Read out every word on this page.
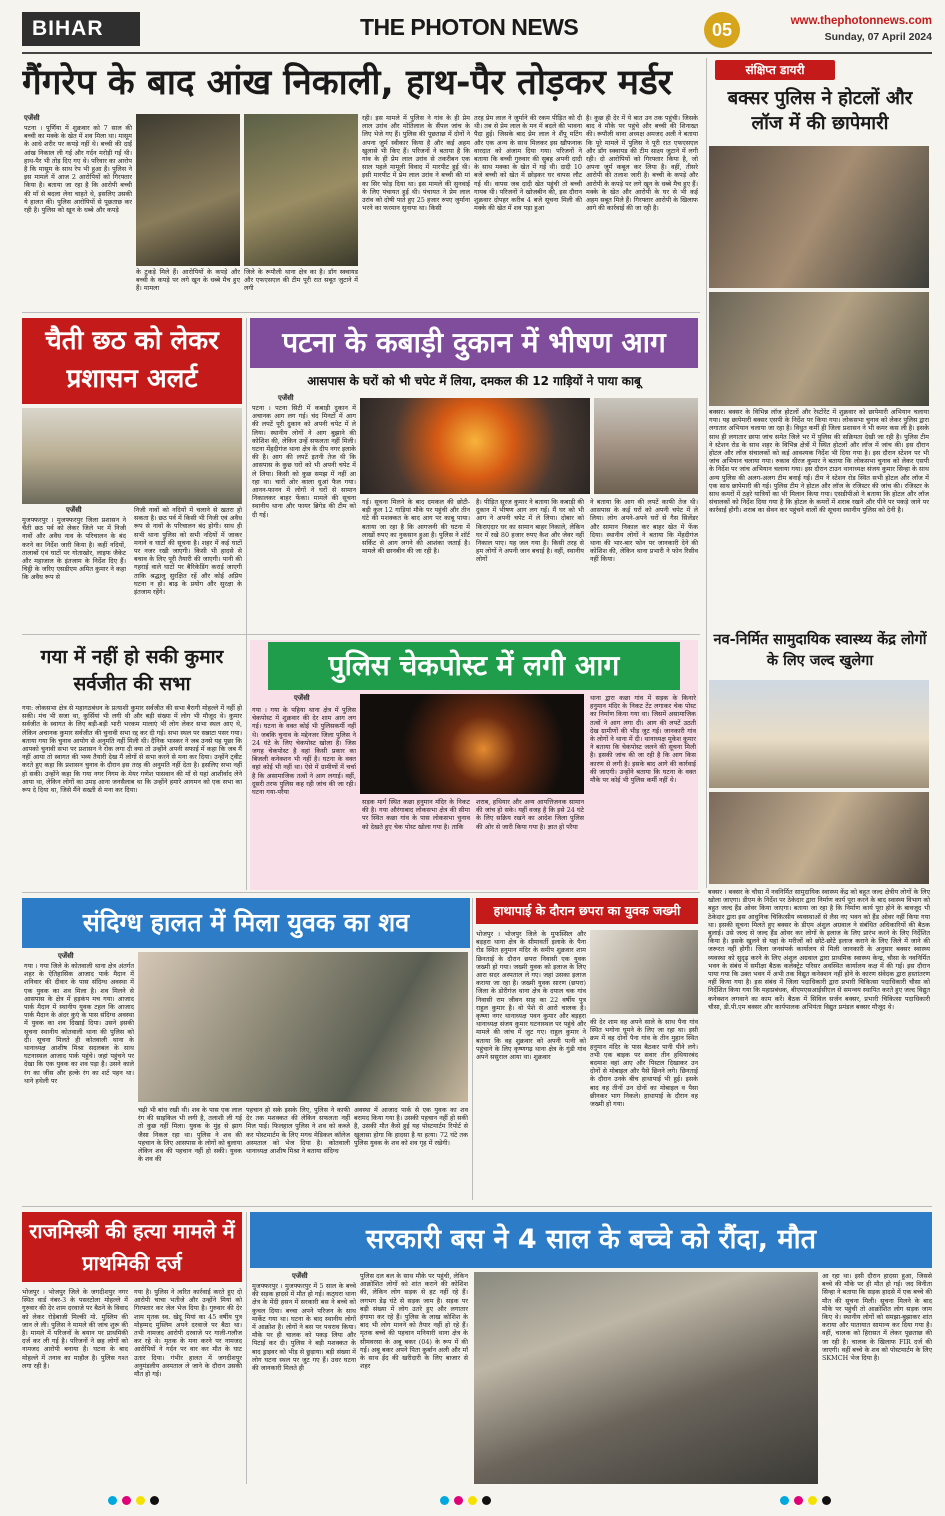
BIHAR	THE PHOTON NEWS	05	www.thephotonnews.com
Sunday, 07 April 2024
गैंगरेप के बाद आंख निकाली, हाथ-पैर तोड़कर मर्डर
एजेंसी
पटना । पूर्णिया में शुक्रवार को 7 साल की बच्ची का मक्के के खेत में शव मिला था। मासूम के आधे शरीर पर कपड़े नहीं थे। बच्ची की दाईं आंख निकाल ली गई और गर्दन मरोड़ी गई थी। हाथ-पैर भी तोड़ दिए गए थे। परिवार का आरोप है कि मासूम के साथ रेप भी हुआ है। पुलिस ने इस मामले में आज 2 आरोपियों को गिरफ्तार किया है। बताया जा रहा है कि आरोपी बच्ची की माँ से बदला लेना चाहते थे, इसलिए उसकी ये हालत की। पुलिस आरोपियों से पूछताछ कर रही है। पुलिस को खून के धब्बे और कपड़े
के टुकड़े मिले हैं। आरोपियों के कपड़े और बच्ची के कपड़े पर लगे खून के धब्बे मैच हुए हैं। मामला
जिले के रूपौली थाना क्षेत्र का है। डॉग स्क्वायड और एफएसएल की टीम पूरी रात सबूत जुटाने में लगी
रही। इस मामले में पुलिस ने गांव के ही प्रेम लाल उरांव और मोतिलाल के सैंपल जांच के लिए भेजे गए हैं। पुलिस की पूछताछ में दोनों ने अपना जुर्म स्वीकार किया है और कई अहम खुलासे भी किए हैं। परिजनों ने बताया है कि गांव के ही प्रेम लाल उरांव से तकरीबन एक साल पहले मामूली विवाद में मारपीट हुई थी। इसी मारपीट में प्रेम लाल उरांव ने बच्ची की मां का सिर फोड़ दिया था। इस मामले की सुनवाई के लिए पंचायत हुई थी। पंचायत ने प्रेम लाल उरांव को दोषी पाते हुए 25 हजार रुपए जुर्माना भरने का फरमान सुनाया था। किसी
तरह प्रेम लाल ने जुर्माने की रकम पीड़ित को दी थी। तब से प्रेम लाल के मन में बदले की भावना पैदा हुई। जिसके बाद प्रेम लाल ने शैंपू मटिंग और एक अन्य के साथ मिलकर इस खौफनाक वारदात को अंजाम दिया गया। परिजनों ने बताया कि बच्ची गुरुवार की सुबह अपनी दादी के साथ मक्का के खेत में गई थी। दादी 10 बजे बच्ची को खेत में छोड़कर घर वापस लौट गई थी। वापस जब दादी खेत पहुंची तो बच्ची गायब थी। परिजनों ने खोजबीन की, इस दौरान शुक्रवार दोपहर करीब 4 बजे सूचना मिली की मक्के की खेत में शव पड़ा हुआ
है। कुछ ही देर में ये बात उन तक पहुंची। जिसके बाद वे मौके पर पहुंचे और बच्ची की शिनाख्त की। रूपौली थाना अध्यक्ष अमजद अली ने बताया कि पूरे मामले में पुलिस ने पूरी रात एफएसएल और डॉग स्क्वायड की टीम साक्ष्य जुटाने में लगी रही। दो आरोपियों को गिरफ्तार किया है, जो अपना जुर्म कबूल कर लिया है। वहीं, तीसरे आरोपी की तलाश जारी है। बच्ची के कपड़े और आरोपी के कपड़े पर लगे खून के धब्बे मैच हुए हैं। मक्के के खेत और आरोपी के घर से भी कई अहम सबूत मिले हैं। गिरफ्तार आरोपी के खिलाफ आगे की कार्रवाई की जा रही है।
संक्षिप्त डायरी
बक्सर पुलिस ने होटलों और लॉज में की छापेमारी
बक्सर। बक्सर के विभिन्न लॉज होटलों और रेस्टोरेंट में शुक्रवार को छापेमारी अभियान चलाया गया। यह छापेमारी बक्सर एसपी के निर्देश पर किया गया। लोकसभा चुनाव को लेकर पुलिस द्वारा लगातार अभियान चलाया जा रहा है। विधुत कर्मी ही जिला प्रशासन ने भी कमर कस ली है। इसके साथ ही लगातार छापा जांच समेत जिले भर में पुलिस की सक्रियता देखी जा रही है। पुलिस टीम ने स्टेशन रोड के साथ शहर के विभिन्न क्षेत्रों में स्थित होटलों और लॉज में जांच की। इस दौरान होटल और लॉज संचालकों को कई आवश्यक निर्देश भी दिया गया है। इस दौरान स्टेशन पर भी जांच अभियान चलाया गया। रुकाव धीरज कुमार ने बताया कि लोकसभा चुनाव को लेकर एसपी के निर्देश पर जांच अभियान चलाया गया। इस दौरान टाउन थानाध्यक्ष संजय कुमार सिन्हा के साथ अन्य पुलिस की अलग-अलग टीम बनाई गई। टीम ने स्टेशन रोड स्थित सभी होटल और लॉज में एक साथ छापेमारी की गई। पुलिस टीम ने होटल और लॉज के रजिस्टर की जांच की। रजिस्टर के साथ कमरों में ठहरे यात्रियों का भी मिलान किया गया। एसडीपीओ ने बताया कि होटल और लॉज संचालकों को निर्देश दिया गया है कि होटल के कमरों में शराब रखने और पीने पर पकड़े जाने पर कार्रवाई होगी। शराब का सेवन कर पहुंचने वालों की सूचना स्थानीय पुलिस को देनी है।
नव-निर्मित सामुदायिक स्वास्थ्य केंद्र लोगों के लिए जल्द खुलेगा
बक्सर । बक्सर के चौसा में नवनिर्मित सामुदायिक स्वास्थ्य केंद्र को बहुत जल्द क्षेत्रीय लोगों के लिए खोला जाएगा। डीएम के निर्देश पर ठेकेदार द्वारा निर्माण कार्य पूरा करने के बाद स्वास्थ्य विभाग को बहुत जल्द हैंड ओवर किया जाएगा। बताया जा रहा है कि निर्माण कार्य पूरा होने के बावजूद भी ठेकेदार द्वारा इस आधुनिक चिकित्सीय व्यवस्थाओं से लैस नए भवन को हैंड ओवर नहीं किया गया था। इसकी सूचना मिलते हुए बक्सर के डीएम अंशुल अग्रवाल ने संबंधित अधिकारियों की बैठक बुलाई। उसे जल्द से जल्द हैंड ओवर कर लोगों के इलाज के लिए प्रारंभ करने के लिए निर्देशित किया है। इसके खुलने से यहां के मरीजों को छोटे-छोटे इलाज कराने के लिए जिले में जाने की जरूरत नहीं होगी। जिला जनसंपर्क कार्यालय से मिली जानकारी के अनुसार बक्सर स्वास्थ्य व्यवस्था को सुदृढ़ करने के लिए अंशुल अग्रवाल द्वारा प्राथमिक स्वास्थ्य केन्द्र, चौसा के नवनिर्मित भवन के संबंध में समीक्षा बैठक कलेक्ट्रेट परिसर अवस्थित कार्यालय कक्ष में की गई। इस दौरान पाया गया कि उक्त भवन में अभी तक विद्युत कनेक्शन नहीं होने के कारण संवेदक द्वारा हस्तांतरण नहीं किया गया है। इस संबंध में जिला पदाधिकारी द्वारा प्रभारी चिकित्सा पदाधिकारी चौसा को निर्देशित किया गया कि महाप्रबंधक, बीएमएसआईसीएल से समन्वय स्थापित करते हुए जल्द विद्युत कनेक्शन लगवाने का काम करें। बैठक में सिविल सर्जन बक्सर, प्रभारी चिकित्सा पदाधिकारी चौसा, डी.पी.एम बक्सर और कार्यपालक अभियंता विद्युत प्रमंडल बक्सर मौजूद थे।
चैती छठ को लेकर प्रशासन अलर्ट
एजेंसी
मुजफ्फरपुर । मुजफ्फरपुर जिला प्रशासन ने चैती छठ पर्व को लेकर जिले भर में निजी नावों और अवैध नाव के परिचालन के बंद करने का निर्देश जारी किया है। कहीं नदियों, तालाबों एवं घाटों पर गोताखोर, लाइफ जैकेट और महाजाल के इंतजाम के निर्देश दिए हैं। चिट्ठी के जरिए एसडीएम अमित कुमार ने कहा कि अवैध रूप से
निजी नावों को नदियों में चलाने से खतरा हो सकता है। छठ पर्व में किसी भी निजी एवं अवैध रूप से नावों के परिचालन बंद होगी। साथ ही सभी थाना पुलिस को सभी नदियों में जाकर मनाने व घाटों की सूचना है। शहर में कई घाटों पर नजर रखी जाएगी। किसी भी हादसे से बचाव के लिए पूरी तैयारी की जाएगी। पानी की गहराई वाले घाटों पर बैरिकेडिंग कराई जाएगी ताकि श्रद्धालु सुरक्षित रहें और कोई अप्रिय घटना न हो। बाढ़ के प्रयोग और सुरक्षा के इंतजाम रहेंगे।
पटना के कबाड़ी दुकान में भीषण आग
आसपास के घरों को भी चपेट में लिया, दमकल की 12 गाड़ियों ने पाया काबू
एजेंसी
पटना । पटना सिटी में कबाड़ी दुकान में अचानक आग लग गई। चंद मिनटों में आग की लपटें पूरी दुकान को अपनी चपेट में ले लिया। स्थानीय लोगों ने आग बुझाने की कोशिश की, लेकिन उन्हें सफलता नहीं मिली। घटना मेंहदीगंज थाना क्षेत्र के दीप नगर इलाके की है। आग की लपटें इतनी तेज थी कि आसपास के कुछ घरों को भी अपनी चपेट में ले लिया। किसी को कुछ समझ में नहीं आ रहा था। चारों ओर काला धुआं फैल गया। आनन-फानन में लोगों ने घरों से सामान निकालकर बाहर फेंका। मामले की सूचना स्थानीय थाना और फायर ब्रिगेड की टीम को दी गई।
गई। सूचना मिलने के बाद दमकल की छोटी-बड़ी कुल 12 गाड़ियां मौके पर पहुंची और तीन घंटे की मशक्कत के बाद आग पर काबू पाया। बताया जा रहा है कि आगजनी की घटना में लाखों रुपए का नुकसान हुआ है। पुलिस ने शॉर्ट सर्किट से आग लगने की आशंका जताई है। मामले की छानबीन की जा रही है।
है। पीड़ित सूरज कुमार ने बताया कि कबाड़ी की दुकान में भीषण आग लग गई। मैं घर को भी आग ने अपनी चपेट में ले लिया। दोबार को किराएदार घर का सामान बाहर निकाले, लेकिन घर में रखे 80 हजार रुपए कैश और जेवर नहीं निकाल पाए। यह जल गया है। किसी तरह से हम लोगों ने अपनी जान बचाई है। वहीं, स्थानीय लोगों
ने बताया कि आग की लपटें काफी तेज थी। आसपास के कई घरों को अपनी चपेट में ले लिया। लोग अपने-अपने घरों से गैस सिलेंडर और सामान निकाल कर बाहर खेत में फेंक दिया। स्थानीय लोगों ने बताया कि मेंहदीगंज थाना की भार-बार फोन पर जानकारी देने की कोशिश की, लेकिन थाना प्रभारी ने फोन रिसीव नहीं किया।
गया में नहीं हो सकी कुमार सर्वजीत की सभा
गया: लोकसभा क्षेत्र से महागठबंधन के प्रत्याशी कुमार सर्वजीत की सभा बैरागी मोहल्ले में नहीं हो सकी। मंच भी सजा था, कुर्सियां भी लगी थी और बड़ी संख्या में लोग भी मौजूद थे। कुमार सर्वजीत के स्वागत के लिए बड़ी-बड़ी भारी भरकम मालाएं भी लोग लेकर सभा स्थल आए थे, लेकिन अचानक कुमार सर्वजीत की चुनावी सभा रद्द कर दी गई। सभा स्थल पर सन्नाटा पसर गया। बताया गया कि चुनाव आयोग से अनुमति नहीं मिली थी। दैनिक भास्कर ने जब उनसे यह पूछा कि आपको चुनावी सभा पर प्रशासन ने रोक लगा दी क्या तो उन्होंने अपनी सफाई में कहा कि जब मैं नहीं आया तो स्वागत की भव्य तैयारी देख मैं लोगों से सभा करने से मना कर दिया। उन्होंने ट्वीट करते हुए कहा कि प्रशासन चुनाव के दौरान इस तरह की अनुमति नहीं देता है। इसलिए सभा नहीं हो सकी। उन्होंने कहा कि गया नगर निगम के मेयर गणेश पासवान की माँ से यहां आशीर्वाद लेने आया था, लेकिन लोगों का उमड़ आना जनसैलाब था कि उन्होंने हमारे आगमन को एक सभा का रूप दे दिया था, जिसे मैंने सख्ती से मना कर दिया।
पुलिस चेकपोस्ट में लगी आग
एजेंसी
गया । गया के पहिया थाना क्षेत्र में पुलिस चेकपोस्ट में शुक्रवार की देर शाम आग लग गई। घटना के वक्त कोई भी पुलिसकर्मी नहीं थे। जबकि चुनाव के मद्देनजर जिला पुलिस ने 24 घंटे के लिए चेकपोस्ट खोला है। जिस जगह चेकपोस्ट है वहां किसी प्रकार का बिजली कनेक्शन भी नहीं है। घटना के वक्त वहां कोई भी नहीं था। ऐसे में ग्रामीणों में चर्चा है कि असामाजिक तत्वों ने आग लगाई। वहीं, दूसरी तरफ पुलिस कह रही जांच की जा रही। घटना गया-परैया
सड़क मार्ग स्थित कछा हनुमान मंदिर के निकट की है। गया औरंगाबाद लोकसभा क्षेत्र की सीमा पर स्थित कछा गांव के पास लोकसभा चुनाव को देखते हुए चेक पोस्ट खोला गया है। ताकि
शराब, हथियार और अन्य आपत्तिजनक सामान की जांच हो सके। यहीं वजह है कि इसे 24 घंटे के लिए सक्रिय रखने का आदेश जिला पुलिस की ओर से जारी किया गया है। ज्ञात हो परैया
थाना द्वारा कछा गांव में सड़क के किनारे हनुमान मंदिर के निकट टेंट लगाकर चेक पोस्ट का निर्माण किया गया था। जिसमें असामाजिक तत्वों ने आग लगा दी। आग की लपटें उठती देख ग्रामीणों की भीड़ जुट गई। जानकारी गांव के लोगों ने थाना में दी। थानाध्यक्ष मुकेश कुमार ने बताया कि चेकपोस्ट जलने की सूचना मिली है। इसकी जांच की जा रही है कि आग किस कारण से लगी है। इसके बाद आगे की कार्रवाई की जाएगी। उन्होंने बताया कि घटना के वक्त मौके पर कोई भी पुलिस कर्मी नहीं थे।
संदिग्ध हालत में मिला युवक का शव
एजेंसी
गया । गया जिले के कोतवाली थाना क्षेत्र अंतर्गत शहर के ऐतिहासिक आजाद पार्क मैदान में शनिवार की दीवार के पास संदिग्ध अवस्था में एक युवक का शव मिला है। शव मिलने से आसपास के क्षेत्र में हड़कंप मच गया। आजाद पार्क मैदान में स्थानीय युवक टहल कि आजाद पार्क मैदान के अंदर कुएं के पास संदिग्ध अवस्था में युवक का शव दिखाई दिया। उसने इसकी सूचना स्थानीय कोतवाली थाना की पुलिस को दी। सूचना मिलते ही कोतवाली थाना के थानाध्यक्ष आशीष मिश्रा सदलबल के साथ घटनास्थल आजाद पार्क पहुंचे। जहां पहुंचने पर देखा कि एक युवक का शव पड़ा है। उसने काले रंग का जींस और हल्के रंग का शर्ट पहन था। थाने हथेली पर
चढ़ी भी बांध रखी थी। शव के पास एक लाल रंग की साइकिल भी लगी है, तलाशी ली गई तो कुछ नहीं मिला। युवक के मुंह से झाग जैसा निकल रहा था। पुलिस ने शव की पहचान के लिए आसपास के लोगों को बुलाया लेकिन शव की पहचान नहीं हो सकी। युवक के शव की
पहचान हो सके इसके लिए, पुलिस ने काफी देर तक मशक्कत की लेकिन सफलता नहीं मिल पाई। फिलहाल पुलिस ने शव को कब्जे कर पोस्टमार्टम के लिए मगध मेडिकल कॉलेज अस्पताल को भेज दिया है। कोतवाली थानाध्यक्ष आशीष मिश्रा ने बताया संदिग्ध
अवस्था में आजाद पार्क से एक युवक का शव बरामद किया गया है। उसकी पहचान नहीं हो सकी है, उसकी मौत कैसे हुई यह पोस्टमार्टम रिपोर्ट से खुलासा होगा कि हादसा है या हत्या। 72 घंटे तक पुलिस युवक के शव को शव गृह में रखेगी।
हाथापाई के दौरान छपरा का युवक जख्मी
भोजपुर । भोजपुर जिले के मुफस्सिल और बड़हरा थाना क्षेत्र के सीमावर्ती इलाके के पैना रोड स्थित हनुमान मंदिर के समीप शुक्रवार शाम छिनताई के दौरान छपरा निवासी एक युवक जख्मी हो गया। जख्मी युवक को इलाज के लिए आरा सदर अस्पताल ले गए। जहां उसका इलाज कराया जा रहा है। जख्मी युवक सारण (छपरा) जिला के डोरीगंज थाना क्षेत्र के दयाल चक गांव निवासी राम जीवन साह का 22 वर्षीय पुत्र राहुल कुमार है। वो पेशे से आरो चालक है। कृष्णा नगर थानाध्यक्ष पवन कुमार और बड़हरा थानाध्यक्ष संजय कुमार घटनास्थल पर पहुंचे और मामले की जांच में जुट गए। राहुल कुमार ने बताया कि वह शुक्रवार को अपनी पत्नी को पहुंचाने के लिए कृष्णगढ़ थाना क्षेत्र के गुंडी गांव अपने ससुराल आया था। शुक्रवार
की देर शाम वह अपने साले के साथ पैना गांव स्थित भगोना घूमने के लिए जा रहा था। इसी क्रम में वह दोनों पैना गांव के तीन मुहान स्थित हनुमान मंदिर के पास बैठकर पानी पीने लगे। तभी एक बाइक पर सवार तीन हथियारबंद बदमाश वहां आए और पिस्टल दिखाकर उन दोनों से मोबाइल और पैसे छिनने लगे। छिनताई के दौरान उनके बीच हाथापाई भी हुई। इसके बाद वह तीनों उन दोनों का मोबाइल व पैसा छीनकर भाग निकले। हाथापाई के दौरान वह जख्मी हो गया।
राजमिस्त्री की हत्या मामले में प्राथमिकी दर्ज
भोजपुर । भोजपुर जिले के जगदीशपुर नगर स्थित वार्ड नंबर-3 के पसरटोला मोहल्ले में गुरुवार की देर शाम दरवाजे पर बैठने के विवाद को लेकर रोड़ेबाजी मिल्की मो. मुस्लिम की जान ले ली। पुलिस ने मामले की जांच शुरू की है। मामले में परिजनों के बयान पर प्राथमिकी दर्ज कर ली गई है। परिजनों ने छह लोगों को नामजद आरोपी बनाया है। घटना के बाद मोहल्ले में तनाव का माहौल है। पुलिस गश्त लगा रही है।
गया है। पुलिस ने त्वरित कार्रवाई करते हुए दो आरोपी चाचा भतीजे और उन्होंने मियां को गिरफ्तार कर जेल भेज दिया है। गुरुवार की देर शाम मृतक स्व. खेदू मियां का 45 वर्षीय पुत्र मोहम्मद मुस्लिम अपने दरवाजे पर बैठा था। तभी नामजद आरोपी दरवाजे पर गाली-गलौज कर रहे थे। मृतक के मना करने पर नामजद आरोपियों ने गर्दन पर वार कर मौत के घाट उतार दिया। गंभीर हालत में जगदीशपुर अनुमंडलीय अस्पताल ले जाने के दौरान उसकी मौत हो गई।
सरकारी बस ने 4 साल के बच्चे को रौंदा, मौत
एजेंसी
मुजफ्फरपुर । मुजफ्फरपुर में 5 साल के बच्चे की सड़क हादसे में मौत हो गई। कठ्घरा थाना क्षेत्र के मेंदी हसन में सरकारी बस ने बच्चे को कुचल दिया। बच्चा अपने परिजन के साथ मार्केट गया था। घटना के बाद स्थानीय लोगों में आक्रोश है। लोगों ने बस पर पथराव किया। मौके पर ही चालक को पकड़ लिया और पिटाई कर दी। पुलिस ने बड़ी मशक्कत के बाद ड्राइवर को भीड़ से छुड़ाया। बड़ी संख्या में लोग घटना स्थल पर जुट गए हैं। उधर घटना की जानकारी मिलते ही
पुलिस दल बल के साथ मौके पर पहुंची, लेकिन आक्रोशित लोगों को शांत कराने की कोशिश की, लेकिन लोग सड़क से हट नहीं रहे हैं। लगभग डेढ़ घंटे से सड़क जाम है। सड़क पर बड़ी संख्या में लोग उतरे हुए और लगातार हंगामा कर रहे हैं। पुलिस के लाख कोशिश के बाद भी लोग मानने को तैयार नहीं हो रहे हैं। मृतक बच्चे की पहचान मनियारी थाना क्षेत्र के सीमवरसा के अबू बकर (04) के रूप में की गई। अबू बकर अपने पिता कुर्बान अली और माँ के साथ ईद की खरीदारी के लिए बाजार से शहर
आ रहा था। इसी दौरान हादसा हुआ, जिससे बच्चे की मौके पर ही मौत हो गई। जद विनीता सिन्हा ने बताया कि सड़क हादसे में एक बच्चे की मौत की सूचना मिली। सूचना मिलने के बाद मौके पर पहुंची तो आक्रोशित लोग सड़क जाम किए थे। स्थानीय लोगों को समझा-बुझाकर शांत कराया और यातायात सामान्य कर दिया गया है। वहीं, चालक को हिरासत में लेकर पूछताछ की जा रही है। चालक के खिलाफ FIR दर्ज की जाएगी। वहीं बच्चे के शव को पोस्टमार्टम के लिए SKMCH भेज दिया है।
